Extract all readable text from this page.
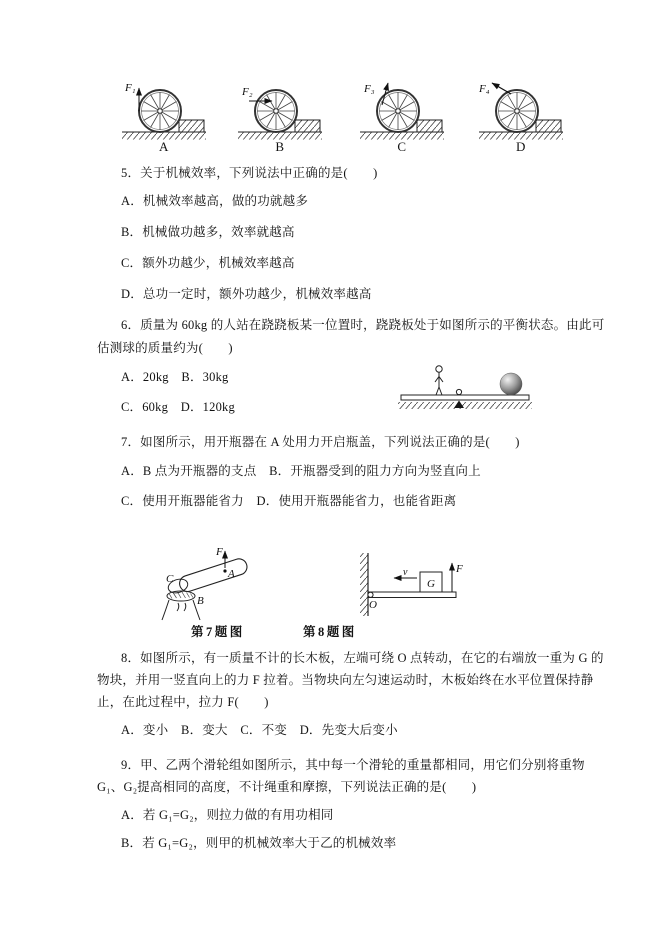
F₁
A
F₂
B
F₃
C
F₄
D
5．关于机械效率，下列说法中正确的是(　　)
A．机械效率越高，做的功就越多
B．机械做功越多，效率就越高
C．额外功越少，机械效率越高
D．总功一定时，额外功越少，机械效率越高
6．质量为 60kg 的人站在跷跷板某一位置时，跷跷板处于如图所示的平衡状态。由此可
估测球的质量约为(　　)
A．20kg　B．30kg
C．60kg　D．120kg
7．如图所示，用开瓶器在 A 处用力开启瓶盖，下列说法正确的是(　　)
A．B 点为开瓶器的支点　B．开瓶器受到的阻力方向为竖直向上
C．使用开瓶器能省力　D．使用开瓶器能省力，也能省距离
F
A
C
B	O
G
v	F
第7题图	第8题图
8．如图所示，有一质量不计的长木板，左端可绕 O 点转动，在它的右端放一重为 G 的
物块，并用一竖直向上的力 F 拉着。当物块向左匀速运动时，木板始终在水平位置保持静
止，在此过程中，拉力 F(　　)
A．变小　B．变大　C．不变　D．先变大后变小
9．甲、乙两个滑轮组如图所示，其中每一个滑轮的重量都相同，用它们分别将重物
G₁、G₂提高相同的高度，不计绳重和摩擦，下列说法正确的是(　　)
A．若 G₁=G₂，则拉力做的有用功相同
B．若 G₁=G₂，则甲的机械效率大于乙的机械效率
